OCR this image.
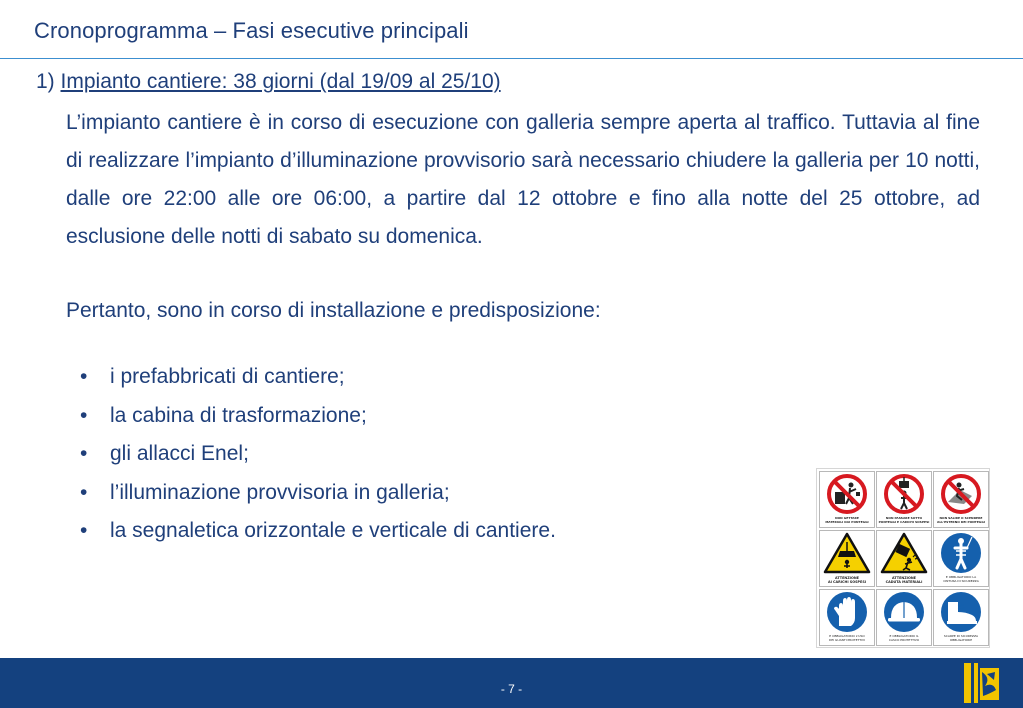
Cronoprogramma – Fasi esecutive principali
1) Impianto cantiere: 38 giorni (dal 19/09 al 25/10)
L’impianto cantiere è in corso di esecuzione con galleria sempre aperta al traffico. Tuttavia al fine di realizzare l’impianto d’illuminazione provvisorio sarà necessario chiudere la galleria per 10 notti, dalle ore 22:00 alle ore 06:00, a partire dal 12 ottobre e fino alla notte del 25 ottobre, ad esclusione delle notti di sabato su domenica.
Pertanto, sono in corso di installazione e predisposizione:
•	i prefabbricati di cantiere;
•	la cabina di trasformazione;
•	gli allacci Enel;
•	l’illuminazione provvisoria in galleria;
•	la segnaletica orizzontale e verticale di cantiere.
NON GETTARE
MATERIALI DAI PONTEGGI
NON PASSARE SOTTO
PONTEGGI E CARICHI SOSPESI
NON SALIRE O SCENDERE
ALL'ESTERNO DEI PONTEGGI
ATTENZIONE
AI CARICHI SOSPESI
ATTENZIONE
CADUTA MATERIALI
È OBBLIGATORIO LA
CINTURA DI SICUREZZA
È OBBLIGATORIO L'USO
DEI GUANTI PROTETTIVI
È OBBLIGATORIO IL
CASCO PROTETTIVO
SCARPE DI SICUREZZA
OBBLIGATORIE
- 7 -
